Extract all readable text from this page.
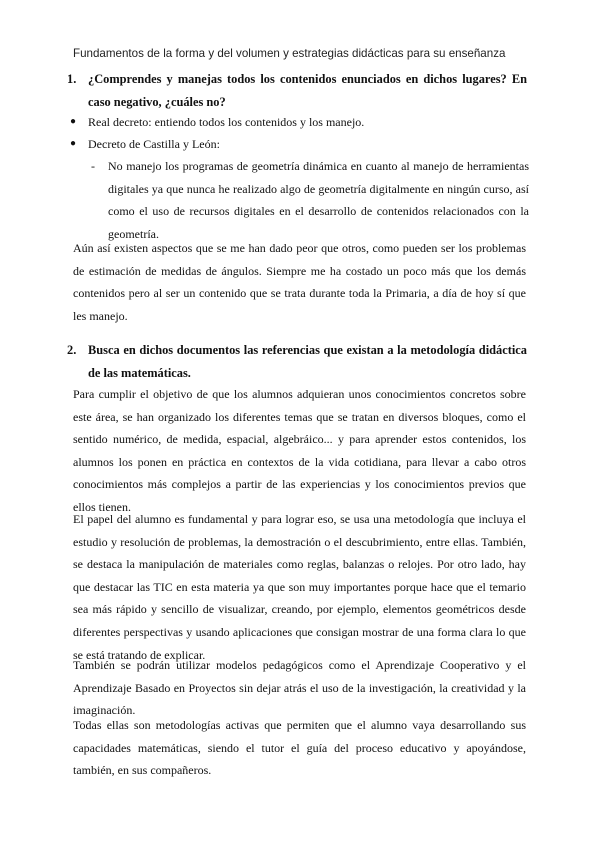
Fundamentos de la forma y del volumen y estrategias didácticas para su enseñanza
1. ¿Comprendes y manejas todos los contenidos enunciados en dichos lugares? En caso negativo, ¿cuáles no?
● Real decreto: entiendo todos los contenidos y los manejo.
● Decreto de Castilla y León:
- No manejo los programas de geometría dinámica en cuanto al manejo de herramientas digitales ya que nunca he realizado algo de geometría digitalmente en ningún curso, así como el uso de recursos digitales en el desarrollo de contenidos relacionados con la geometría.
Aún así existen aspectos que se me han dado peor que otros, como pueden ser los problemas de estimación de medidas de ángulos. Siempre me ha costado un poco más que los demás contenidos pero al ser un contenido que se trata durante toda la Primaria, a día de hoy sí que les manejo.
2. Busca en dichos documentos las referencias que existan a la metodología didáctica de las matemáticas.
Para cumplir el objetivo de que los alumnos adquieran unos conocimientos concretos sobre este área, se han organizado los diferentes temas que se tratan en diversos bloques, como el sentido numérico, de medida, espacial, algebráico... y para aprender estos contenidos, los alumnos los ponen en práctica en contextos de la vida cotidiana, para llevar a cabo otros conocimientos más complejos a partir de las experiencias y los conocimientos previos que ellos tienen.
El papel del alumno es fundamental y para lograr eso, se usa una metodología que incluya el estudio y resolución de problemas, la demostración o el descubrimiento, entre ellas. También, se destaca la manipulación de materiales como reglas, balanzas o relojes. Por otro lado, hay que destacar las TIC en esta materia ya que son muy importantes porque hace que el temario sea más rápido y sencillo de visualizar, creando, por ejemplo, elementos geométricos desde diferentes perspectivas y usando aplicaciones que consigan mostrar de una forma clara lo que se está tratando de explicar.
También se podrán utilizar modelos pedagógicos como el Aprendizaje Cooperativo y el Aprendizaje Basado en Proyectos sin dejar atrás el uso de la investigación, la creatividad y la imaginación.
Todas ellas son metodologías activas que permiten que el alumno vaya desarrollando sus capacidades matemáticas, siendo el tutor el guía del proceso educativo y apoyándose, también, en sus compañeros.
